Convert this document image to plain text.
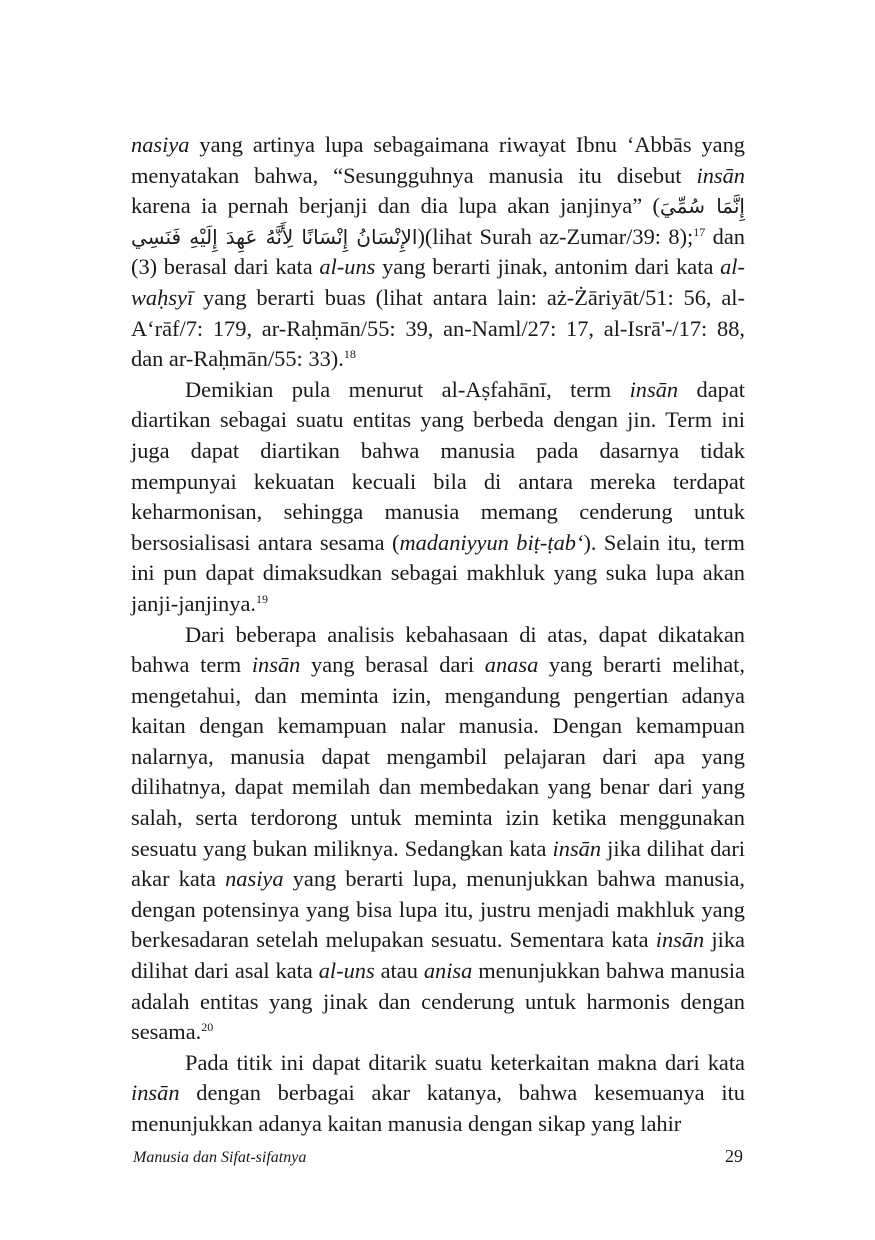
nasiya yang artinya lupa sebagaimana riwayat Ibnu ‘Abbās yang menyatakan bahwa, “Sesungguhnya manusia itu disebut insān karena ia pernah berjanji dan dia lupa akan janjinya” (إِنَّمَا سُمِّيَ الإِنْسَانُ إِنْسَانًا لِأَنَّهُ عَهِدَ إِلَيْهِ فَنَسِي)(lihat Surah az-Zumar/39: 8);$^{17}$ dan (3) berasal dari kata al-uns yang berarti jinak, antonim dari kata al-waḥsyī yang berarti buas (lihat antara lain: aż-Żāriyāt/51: 56, al-A‘rāf/7: 179, ar-Raḥmān/55: 39, an-Naml/27: 17, al-Isrā'-/17: 88, dan ar-Raḥmān/55: 33).$^{18}$

Demikian pula menurut al-Aṣfahānī, term insān dapat diartikan sebagai suatu entitas yang berbeda dengan jin. Term ini juga dapat diartikan bahwa manusia pada dasarnya tidak mempunyai kekuatan kecuali bila di antara mereka terdapat keharmonisan, sehingga manusia memang cenderung untuk bersosialisasi antara sesama (madaniyyun biṭ-ṭab‘). Selain itu, term ini pun dapat dimaksudkan sebagai makhluk yang suka lupa akan janji-janjinya.$^{19}$

Dari beberapa analisis kebahasaan di atas, dapat dikatakan bahwa term insān yang berasal dari anasa yang berarti melihat, mengetahui, dan meminta izin, mengandung pengertian adanya kaitan dengan kemampuan nalar manusia. Dengan kemampuan nalarnya, manusia dapat mengambil pelajaran dari apa yang dilihatnya, dapat memilah dan membedakan yang benar dari yang salah, serta terdorong untuk meminta izin ketika menggunakan sesuatu yang bukan miliknya. Sedangkan kata insān jika dilihat dari akar kata nasiya yang berarti lupa, menunjukkan bahwa manusia, dengan potensinya yang bisa lupa itu, justru menjadi makhluk yang berkesadaran setelah melupakan sesuatu. Sementara kata insān jika dilihat dari asal kata al-uns atau anisa menunjukkan bahwa manusia adalah entitas yang jinak dan cenderung untuk harmonis dengan sesama.$^{20}$

Pada titik ini dapat ditarik suatu keterkaitan makna dari kata insān dengan berbagai akar katanya, bahwa kesemuanya itu menunjukkan adanya kaitan manusia dengan sikap yang lahir

Manusia dan Sifat-sifatnya	29
